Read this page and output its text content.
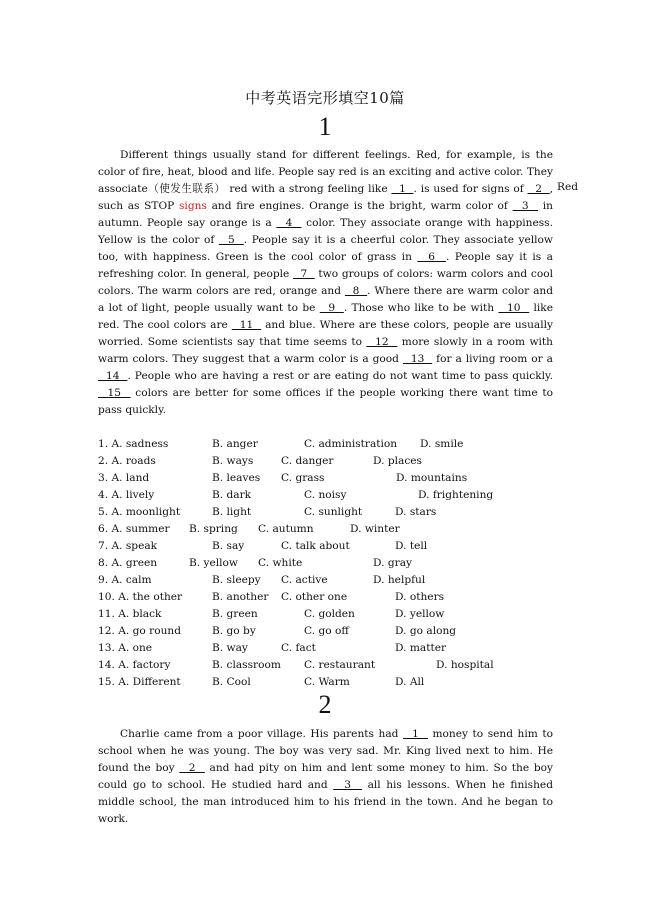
中考英语完形填空10篇
1

Different things usually stand for different feelings. Red, for example, is the color of fire, heat, blood and life. People say red is an exciting and active color. They associate（使发生联系） red with a strong feeling like   1  . is used for signs of   2  , such as STOP signs and fire engines. Orange is the bright, warm color of   3   in autumn. People say orange is a   4   color. They associate orange with happiness. Yellow is the color of   5  . People say it is a cheerful color. They associate yellow too, with happiness. Green is the cool color of grass in   6  . People say it is a refreshing color. In general, people   7   two groups of colors: warm colors and cool colors. The warm colors are red, orange and   8  . Where there are warm color and a lot of light, people usually want to be   9  . Those who like to be with   10   like red. The cool colors are   11   and blue. Where are these colors, people are usually worried. Some scientists say that time seems to   12   more slowly in a room with warm colors. They suggest that a warm color is a good   13   for a living room or a   14  . People who are having a rest or are eating do not want time to pass quickly.   15   colors are better for some offices if the people working there want time to pass quickly.

Red
1. A. sadness	B. anger	C. administration D. smile
2. A. roads	B. ways	C. danger	D. places
3. A. land	B. leaves C. grass	D. mountains
4. A. lively	B. dark	C. noisy	D. frightening
5. A. moonlight	B. light	C. sunlight	D. stars
6. A. summer B. spring C. autumn	D. winter
7. A. speak	B. say	C. talk about	D. tell
8. A. green	B. yellow C. white	D. gray
9. A. calm	B. sleepy C. active	D. helpful
10. A. the other	B. another C. other one	D. others
11. A. black	B. green	C. golden	D. yellow
12. A. go round	B. go by	C. go off	D. go along
13. A. one	B. way	C. fact	D. matter
14. A. factory	B. classroom C. restaurant	D. hospital
15. A. Different	B. Cool	C. Warm	D. All
2

Charlie came from a poor village. His parents had   1   money to send him to school when he was young. The boy was very sad. Mr. King lived next to him. He found the boy   2   and had pity on him and lent some money to him. So the boy could go to school. He studied hard and   3   all his lessons. When he finished middle school, the man introduced him to his friend in the town. And he began to work.
